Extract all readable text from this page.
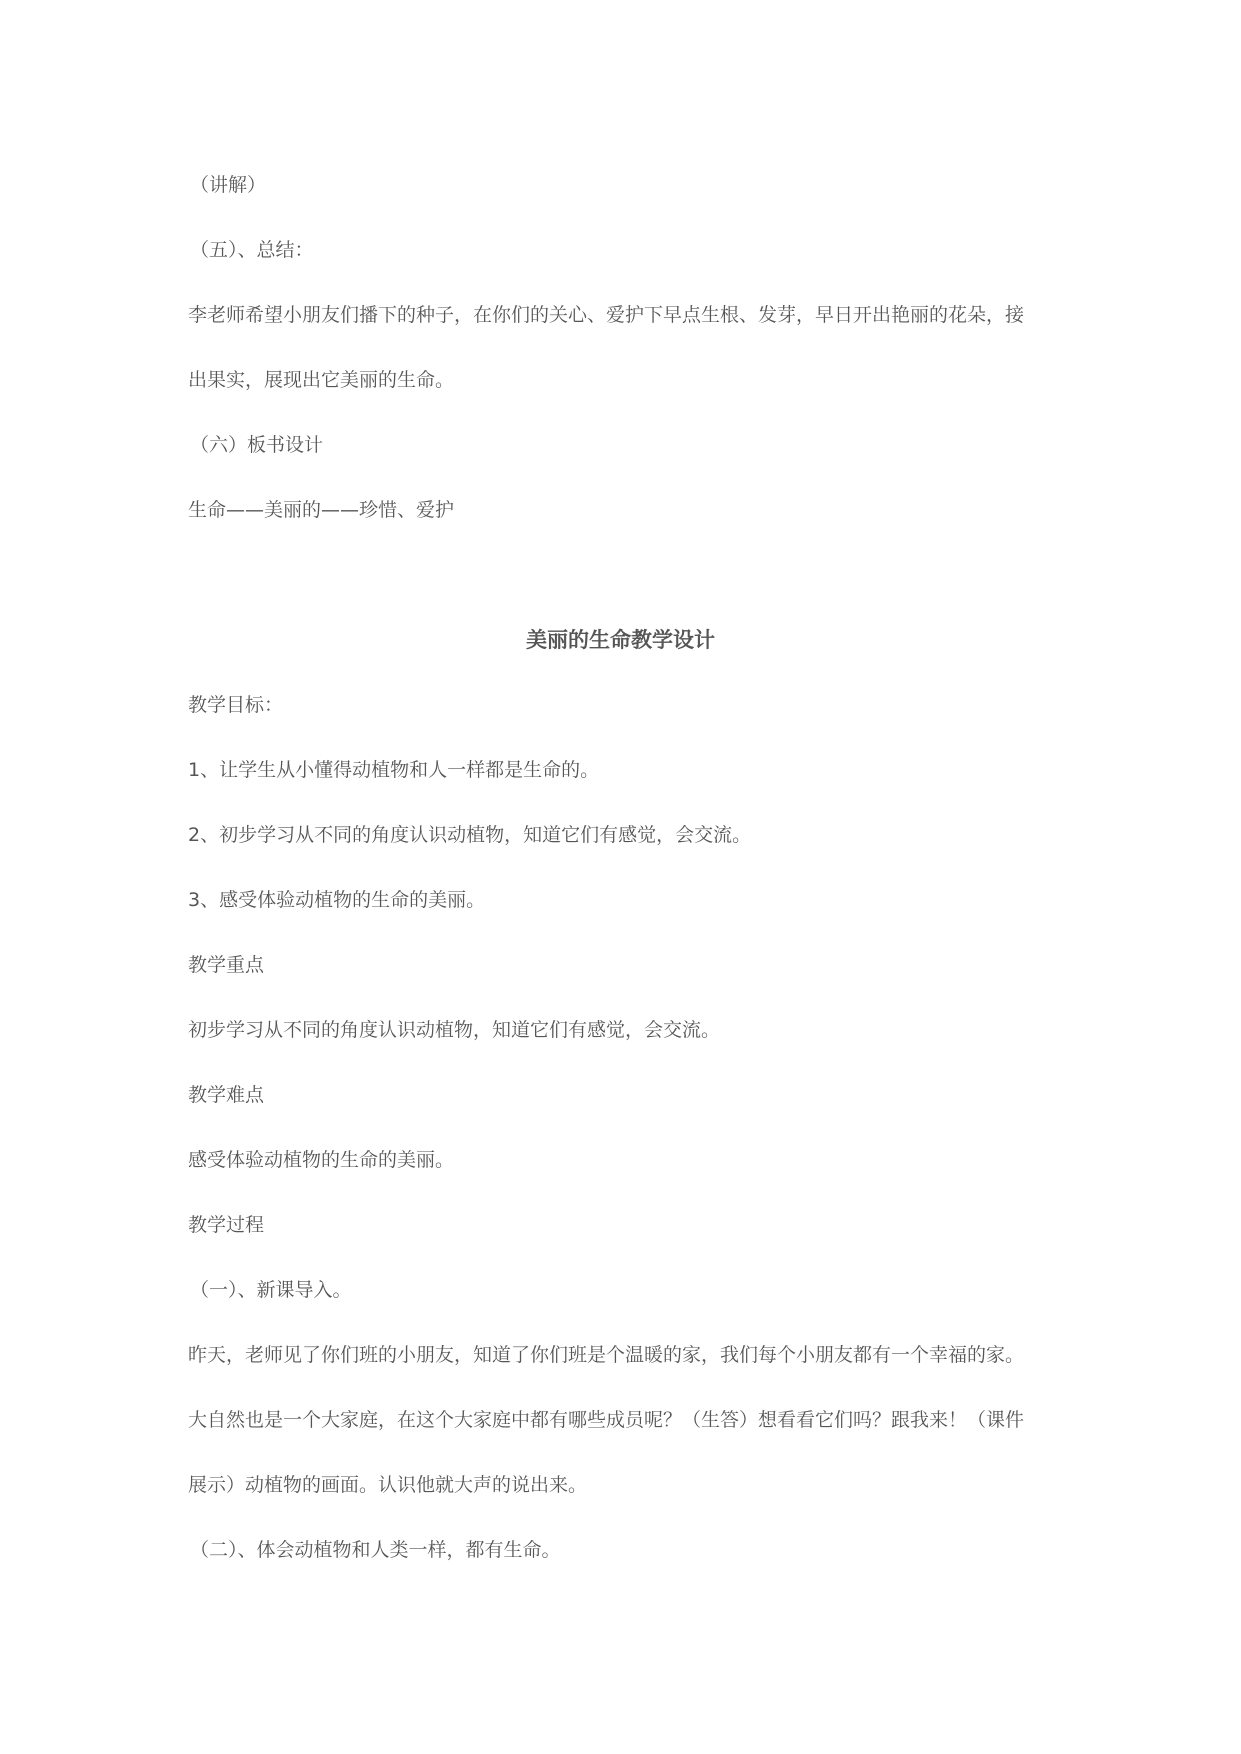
（讲解）
（五）、总结：
李老师希望小朋友们播下的种子，在你们的关心、爱护下早点生根、发芽，早日开出艳丽的花朵，接
出果实，展现出它美丽的生命。
（六）板书设计
生命——美丽的——珍惜、爱护
美丽的生命教学设计
教学目标：
1、让学生从小懂得动植物和人一样都是生命的。
2、初步学习从不同的角度认识动植物，知道它们有感觉，会交流。
3、感受体验动植物的生命的美丽。
教学重点
初步学习从不同的角度认识动植物，知道它们有感觉，会交流。
教学难点
感受体验动植物的生命的美丽。
教学过程
（一）、新课导入。
昨天，老师见了你们班的小朋友，知道了你们班是个温暖的家，我们每个小朋友都有一个幸福的家。
大自然也是一个大家庭，在这个大家庭中都有哪些成员呢？（生答）想看看它们吗？跟我来！（课件
展示）动植物的画面。认识他就大声的说出来。
（二）、体会动植物和人类一样，都有生命。
